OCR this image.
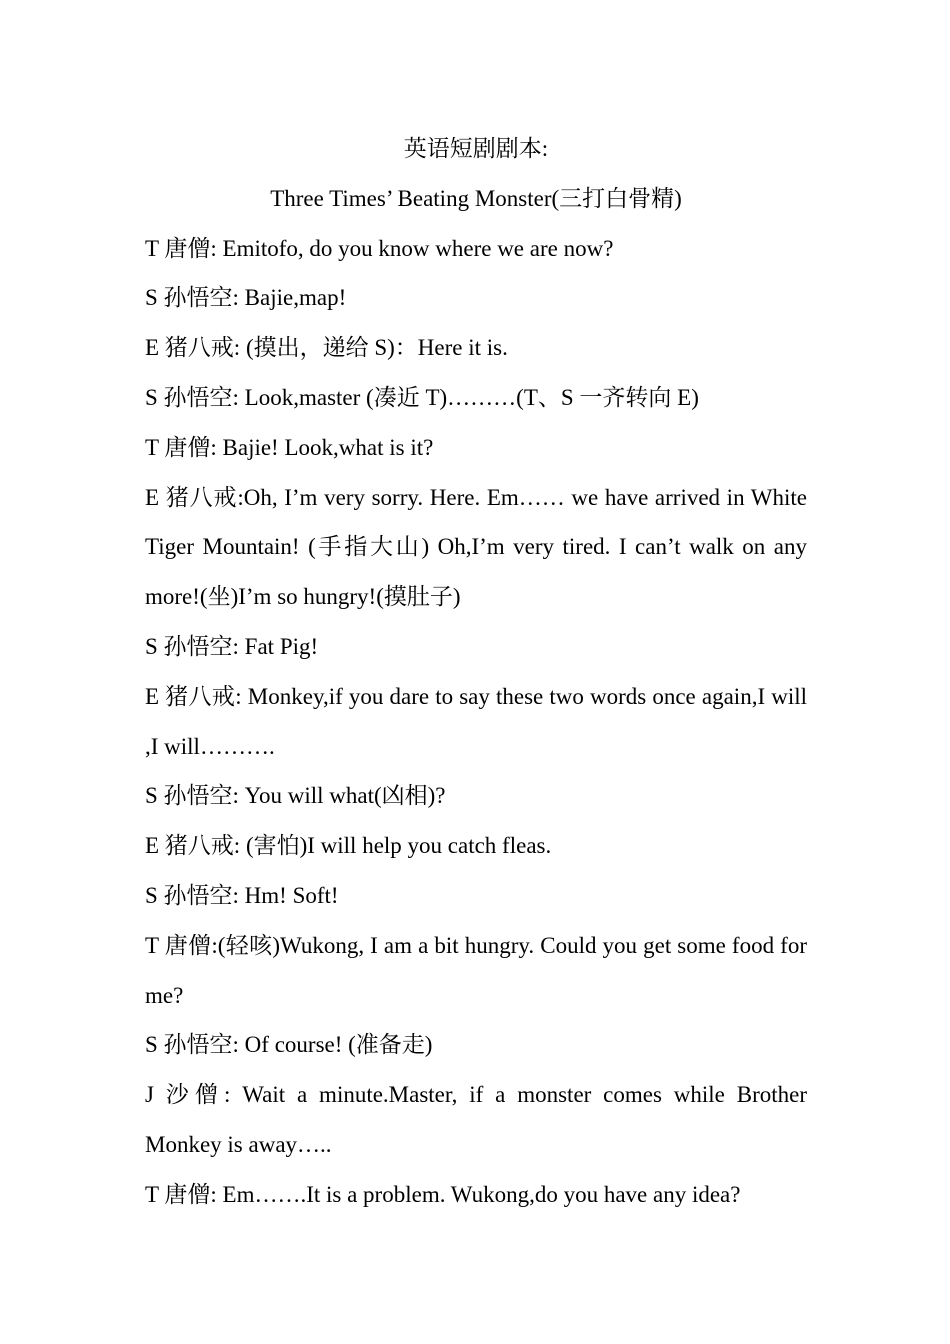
英语短剧剧本:
Three Times’ Beating Monster(三打白骨精)
T 唐僧: Emitofo, do you know where we are now?
S 孙悟空: Bajie,map!
E 猪八戒: (摸出，递给 S)：Here it is.
S 孙悟空: Look,master (凑近 T)………(T、S 一齐转向 E)
T 唐僧: Bajie! Look,what is it?
E 猪八戒:Oh, I’m very sorry. Here. Em…… we have arrived in White Tiger Mountain! (手指大山) Oh,I’m very tired. I can’t walk on any more!(坐)I’m so hungry!(摸肚子)
S 孙悟空: Fat Pig!
E 猪八戒: Monkey,if you dare to say these two words once again,I will ,I will……….
S 孙悟空: You will what(凶相)?
E 猪八戒: (害怕)I will help you catch fleas.
S 孙悟空: Hm! Soft!
T 唐僧:(轻咳)Wukong, I am a bit hungry. Could you get some food for me?
S 孙悟空: Of course! (准备走)
J 沙僧: Wait a minute.Master, if a monster comes while Brother Monkey is away…..
T 唐僧: Em…….It is a problem. Wukong,do you have any idea?
